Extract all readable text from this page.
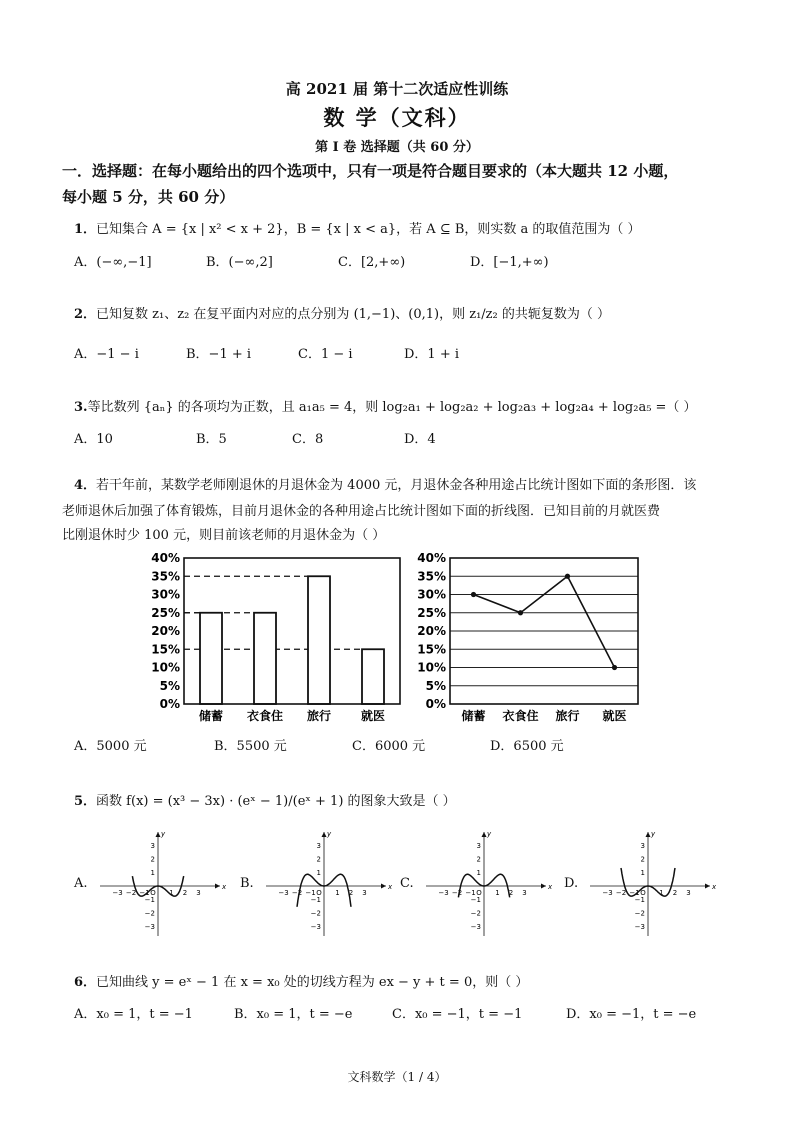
高 2021 届 第十二次适应性训练
数 学（文科）
第 Ⅰ 卷 选择题（共 60 分）
一．选择题：在每小题给出的四个选项中，只有一项是符合题目要求的（本大题共 12 小题，
每小题 5 分，共 60 分）
1．已知集合 A = {x | x² < x + 2}，B = {x | x < a}，若 A ⊆ B，则实数 a 的取值范围为（ ）
A．(−∞,−1]	B．(−∞,2]	C．[2,+∞)	D．[−1,+∞)
2．已知复数 z₁、z₂ 在复平面内对应的点分别为 (1,−1)、(0,1)，则 z₁/z₂ 的共轭复数为（ ）
A．−1 − i	B．−1 + i	C．1 − i	D．1 + i
3.等比数列 {aₙ} 的各项均为正数，且 a₁a₅ = 4，则 log₂a₁ + log₂a₂ + log₂a₃ + log₂a₄ + log₂a₅ =（ ）
A．10	B．5	C．8	D．4
4．若干年前，某数学老师刚退休的月退休金为 4000 元，月退休金各种用途占比统计图如下面的条形图．该
老师退休后加强了体育锻炼，目前月退休金的各种用途占比统计图如下面的折线图．已知目前的月就医费
比刚退休时少 100 元，则目前该老师的月退休金为（ ）
40%
35%
30%
25%
20%
15%
10%
5%
0%
储蓄 衣食住 旅行 就医
40%
35%
30%
25%
20%
15%
10%
5%
0%
储蓄 衣食住 旅行 就医
A．5000 元	B．5500 元	C．6000 元	D．6500 元
5．函数 f(x) = (x³ − 3x) · (eˣ − 1)/(eˣ + 1) 的图象大致是（ ）
A.	x
y
−3 −2 −1 O 1 2 3
3
2
1
−1
−2
−3
B.	x
y
−3 −2 −1 O 1 2 3
3
2
1
−1
−2
−3
C.	x
y
−3 −2 −1 O 1 2 3
3
2
1
−1
−2
−3
D.	x
y
−3 −2 −1 O 1 2 3
3
2
1
−1
−2
−3
6．已知曲线 y = eˣ − 1 在 x = x₀ 处的切线方程为 ex − y + t = 0，则（ ）
A．x₀ = 1，t = −1	B．x₀ = 1，t = −e	C．x₀ = −1，t = −1	D．x₀ = −1，t = −e
文科数学（1 / 4）
